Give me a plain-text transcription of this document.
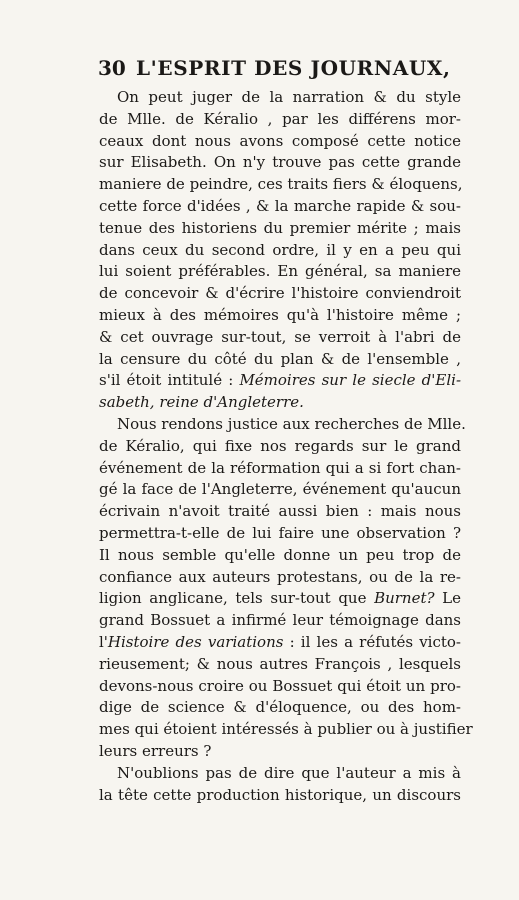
30 L'ESPRIT DES JOURNAUX,
On peut juger de la narration & du style
de Mlle. de Kéralio , par les différens mor-
ceaux dont nous avons composé cette notice
sur Elisabeth. On n'y trouve pas cette grande
maniere de peindre, ces traits fiers & éloquens,
cette force d'idées , & la marche rapide & sou-
tenue des historiens du premier mérite ; mais
dans ceux du second ordre, il y en a peu qui
lui soient préférables. En général, sa maniere
de concevoir & d'écrire l'histoire conviendroit
mieux à des mémoires qu'à l'histoire même ;
& cet ouvrage sur-tout, se verroit à l'abri de
la censure du côté du plan & de l'ensemble ,
s'il étoit intitulé : Mémoires sur le siecle d'Eli-
sabeth, reine d'Angleterre.
Nous rendons justice aux recherches de Mlle.
de Kéralio, qui fixe nos regards sur le grand
événement de la réformation qui a si fort chan-
gé la face de l'Angleterre, événement qu'aucun
écrivain n'avoit traité aussi bien : mais nous
permettra-t-elle de lui faire une observation ?
Il nous semble qu'elle donne un peu trop de
confiance aux auteurs protestans, ou de la re-
ligion anglicane, tels sur-tout que Burnet? Le
grand Bossuet a infirmé leur témoignage dans
l'Histoire des variations : il les a réfutés victo-
rieusement; & nous autres François , lesquels
devons-nous croire ou Bossuet qui étoit un pro-
dige de science & d'éloquence, ou des hom-
mes qui étoient intéressés à publier ou à justifier
leurs erreurs ?
N'oublions pas de dire que l'auteur a mis à
la tête cette production historique, un discours
